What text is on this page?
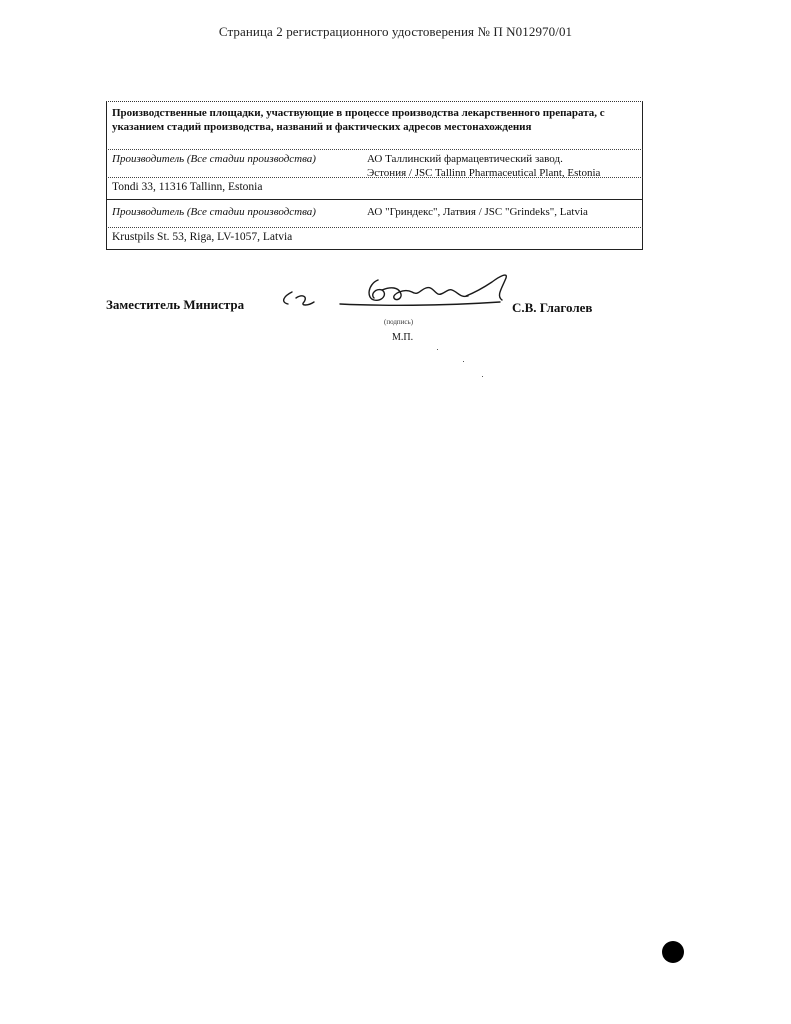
Страница 2 регистрационного удостоверения № П N012970/01
Производственные площадки, участвующие в процессе производства лекарственного препарата, с указанием стадий производства, названий и фактических адресов местонахождения
Производитель (Все стадии производства)	АО Таллинский фармацевтический завод.
Эстония / JSC Tallinn Pharmaceutical Plant, Estonia
Tondi 33, 11316 Tallinn, Estonia
Производитель (Все стадии производства)	АО "Гриндекс", Латвия / JSC "Grindeks", Latvia
Krustpils St. 53, Riga, LV-1057, Latvia
Заместитель Министра	С.В. Глаголев
(подпись)
М.П.
